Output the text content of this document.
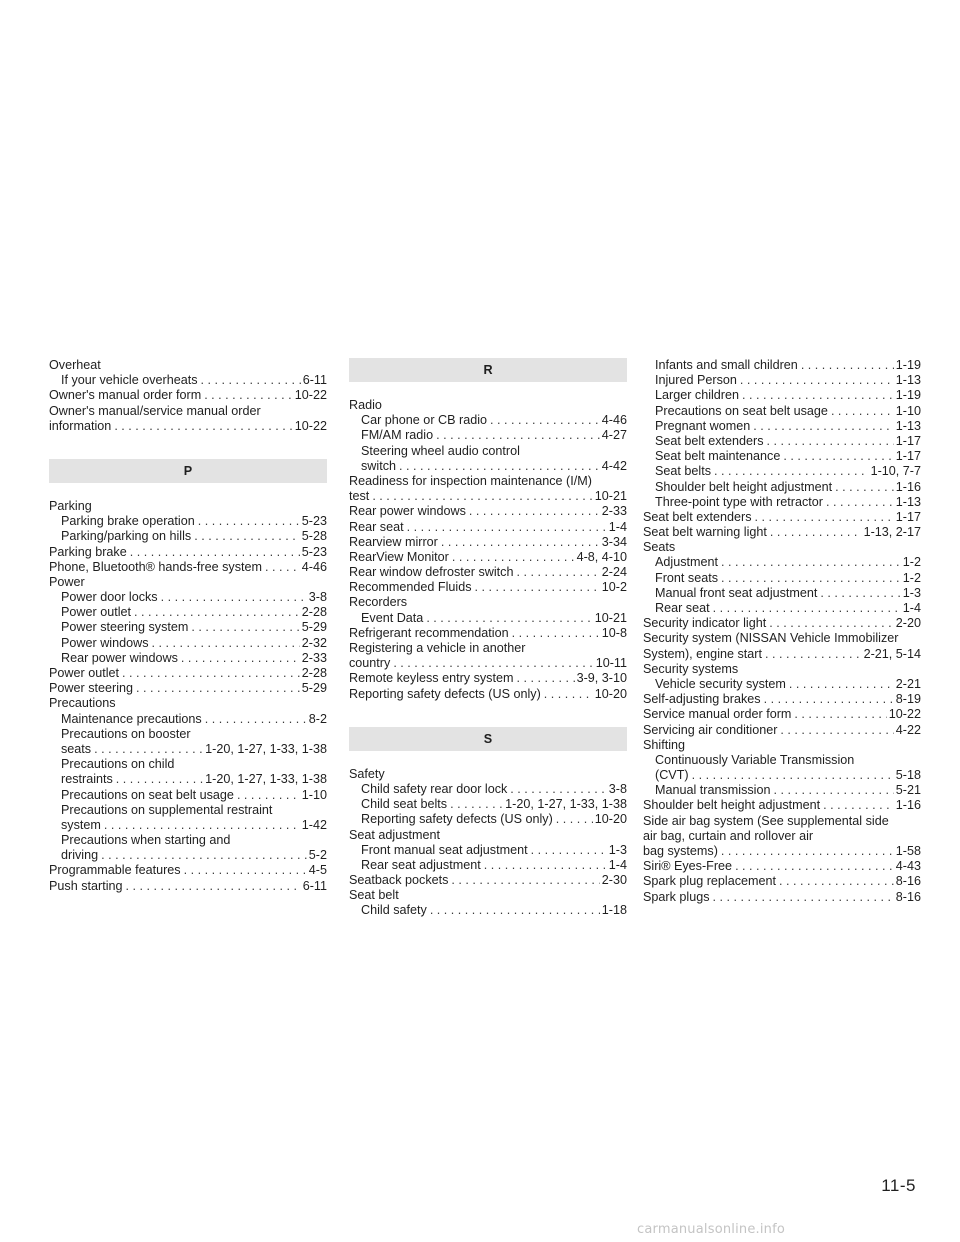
Overheat
If your vehicle overheats . . .	6-11
Owner's manual order form . . .	10-22
Owner's manual/service manual order
information . . .	10-22
P
Parking
Parking brake operation . . .	5-23
Parking/parking on hills . . .	5-28
Parking brake . . .	5-23
Phone, Bluetooth® hands-free system . . .	4-46
Power
Power door locks . . .	3-8
Power outlet . . .	2-28
Power steering system . . .	5-29
Power windows . . .	2-32
Rear power windows . . .	2-33
Power outlet . . .	2-28
Power steering . . .	5-29
Precautions
Maintenance precautions . . .	8-2
Precautions on booster
seats . . .	1-20, 1-27, 1-33, 1-38
Precautions on child
restraints . . .	1-20, 1-27, 1-33, 1-38
Precautions on seat belt usage . . .	1-10
Precautions on supplemental restraint
system . . .	1-42
Precautions when starting and
driving . . .	5-2
Programmable features . . .	4-5
Push starting . . .	6-11
R
Radio
Car phone or CB radio . . .	4-46
FM/AM radio . . .	4-27
Steering wheel audio control
switch . . .	4-42
Readiness for inspection maintenance (I/M)
test . . .	10-21
Rear power windows . . .	2-33
Rear seat . . .	1-4
Rearview mirror . . .	3-34
RearView Monitor . . .	4-8, 4-10
Rear window defroster switch . . .	2-24
Recommended Fluids . . .	10-2
Recorders
Event Data . . .	10-21
Refrigerant recommendation . . .	10-8
Registering a vehicle in another
country . . .	10-11
Remote keyless entry system . . .	3-9, 3-10
Reporting safety defects (US only) . . .	10-20
S
Safety
Child safety rear door lock . . .	3-8
Child seat belts . . .	1-20, 1-27, 1-33, 1-38
Reporting safety defects (US only) . . .	10-20
Seat adjustment
Front manual seat adjustment . . .	1-3
Rear seat adjustment . . .	1-4
Seatback pockets . . .	2-30
Seat belt
Child safety . . .	1-18
Infants and small children . . .	1-19
Injured Person . . .	1-13
Larger children . . .	1-19
Precautions on seat belt usage . . .	1-10
Pregnant women . . .	1-13
Seat belt extenders . . .	1-17
Seat belt maintenance . . .	1-17
Seat belts . . .	1-10, 7-7
Shoulder belt height adjustment . . .	1-16
Three-point type with retractor . . .	1-13
Seat belt extenders . . .	1-17
Seat belt warning light . . .	1-13, 2-17
Seats
Adjustment . . .	1-2
Front seats . . .	1-2
Manual front seat adjustment . . .	1-3
Rear seat . . .	1-4
Security indicator light . . .	2-20
Security system (NISSAN Vehicle Immobilizer
System), engine start . . .	2-21, 5-14
Security systems
Vehicle security system . . .	2-21
Self-adjusting brakes . . .	8-19
Service manual order form . . .	10-22
Servicing air conditioner . . .	4-22
Shifting
Continuously Variable Transmission
(CVT) . . .	5-18
Manual transmission . . .	5-21
Shoulder belt height adjustment . . .	1-16
Side air bag system (See supplemental side
air bag, curtain and rollover air
bag systems) . . .	1-58
Siri® Eyes-Free . . .	4-43
Spark plug replacement . . .	8-16
Spark plugs . . .	8-16
11-5
carmanualsonline.info
